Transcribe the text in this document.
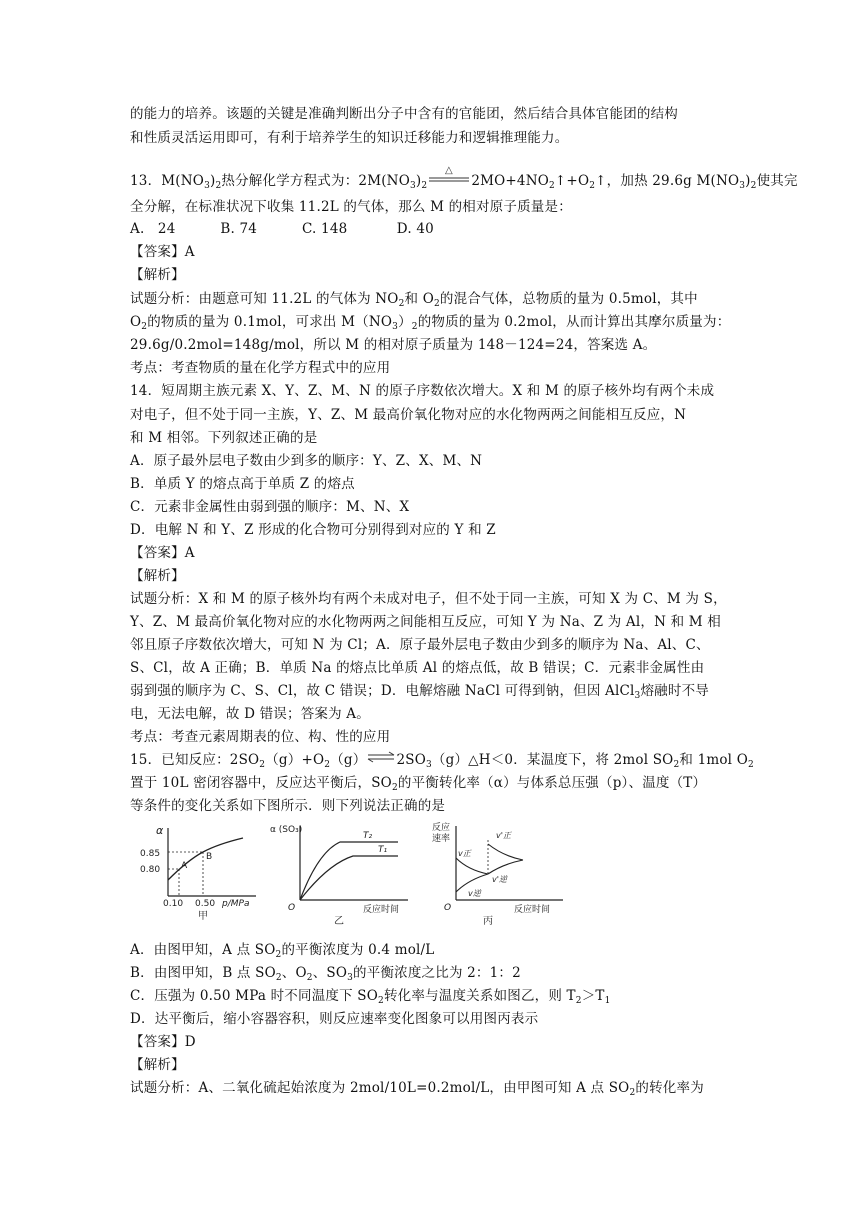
的能力的培养。该题的关键是准确判断出分子中含有的官能团，然后结合具体官能团的结构
和性质灵活运用即可，有利于培养学生的知识迁移能力和逻辑推理能力。
13．$M(NO_3)_2$热分解化学方程式为：$2M(NO_3)_2$
△
$2MO+4NO_2↑+O_2↑$，加热 29.6g $M(NO_3)_2$使其完
全分解，在标准状况下收集 11.2L 的气体，那么 M 的相对原子质量是：
A.   24          B. 74          C. 148           D. 40
【答案】A
【解析】
试题分析：由题意可知 11.2L 的气体为 $NO_2$和 $O_2$的混合气体，总物质的量为 0.5mol，其中
$O_2$的物质的量为 0.1mol，可求出 $M(NO_3)_2$的物质的量为 0.2mol，从而计算出其摩尔质量为：
29.6g/0.2mol=148g/mol，所以 M 的相对原子质量为 148－124=24，答案选 A。
考点：考查物质的量在化学方程式中的应用
14．短周期主族元素 X、Y、Z、M、N 的原子序数依次增大。X 和 M 的原子核外均有两个未成
对电子，但不处于同一主族，Y、Z、M 最高价氧化物对应的水化物两两之间能相互反应，N
和 M 相邻。下列叙述正确的是
A．原子最外层电子数由少到多的顺序：Y、Z、X、M、N
B．单质 Y 的熔点高于单质 Z 的熔点
C．元素非金属性由弱到强的顺序：M、N、X
D．电解 N 和 Y、Z 形成的化合物可分别得到对应的 Y 和 Z
【答案】A
【解析】
试题分析：X 和 M 的原子核外均有两个未成对电子，但不处于同一主族，可知 X 为 C、M 为 S，
Y、Z、M 最高价氧化物对应的水化物两两之间能相互反应，可知 Y 为 Na、Z 为 Al，N 和 M 相
邻且原子序数依次增大，可知 N 为 Cl；A．原子最外层电子数由少到多的顺序为 Na、Al、C、
S、Cl，故 A 正确；B．单质 Na 的熔点比单质 Al 的熔点低，故 B 错误；C．元素非金属性由
弱到强的顺序为 C、S、Cl，故 C 错误；D．电解熔融 NaCl 可得到钠，但因 AlCl$_3$熔融时不导
电，无法电解，故 D 错误；答案为 A。
考点：考查元素周期表的位、构、性的应用
15．已知反应：$2SO_2(g)+O_2(g)\rightleftharpoons 2SO_3(g)\triangle H<0$．某温度下，将 2mol $SO_2$和 1mol $O_2$
置于 10L 密闭容器中，反应达平衡后，$SO_2$的平衡转化率（α）与体系总压强（p）、温度（T）
等条件的变化关系如下图所示．则下列说法正确的是
α
0.85
0.80 A
B
0.10 0.50 p/MPa
甲
α (SO₃)
T₂
T₁
O	反应时间
乙
反应
速率
v正
v逆
v'正
v'逆
O	反应时间
丙
A．由图甲知，A 点 $SO_2$的平衡浓度为 0.4 mol/L
B．由图甲知，B 点 $SO_2$、$O_2$、$SO_3$的平衡浓度之比为 2：1：2
C．压强为 0.50 MPa 时不同温度下 $SO_2$转化率与温度关系如图乙，则 $T_2>T_1$
D．达平衡后，缩小容器容积，则反应速率变化图象可以用图丙表示
【答案】D
【解析】
试题分析：A、二氧化硫起始浓度为 2mol/10L=0.2mol/L，由甲图可知 A 点 $SO_2$的转化率为
